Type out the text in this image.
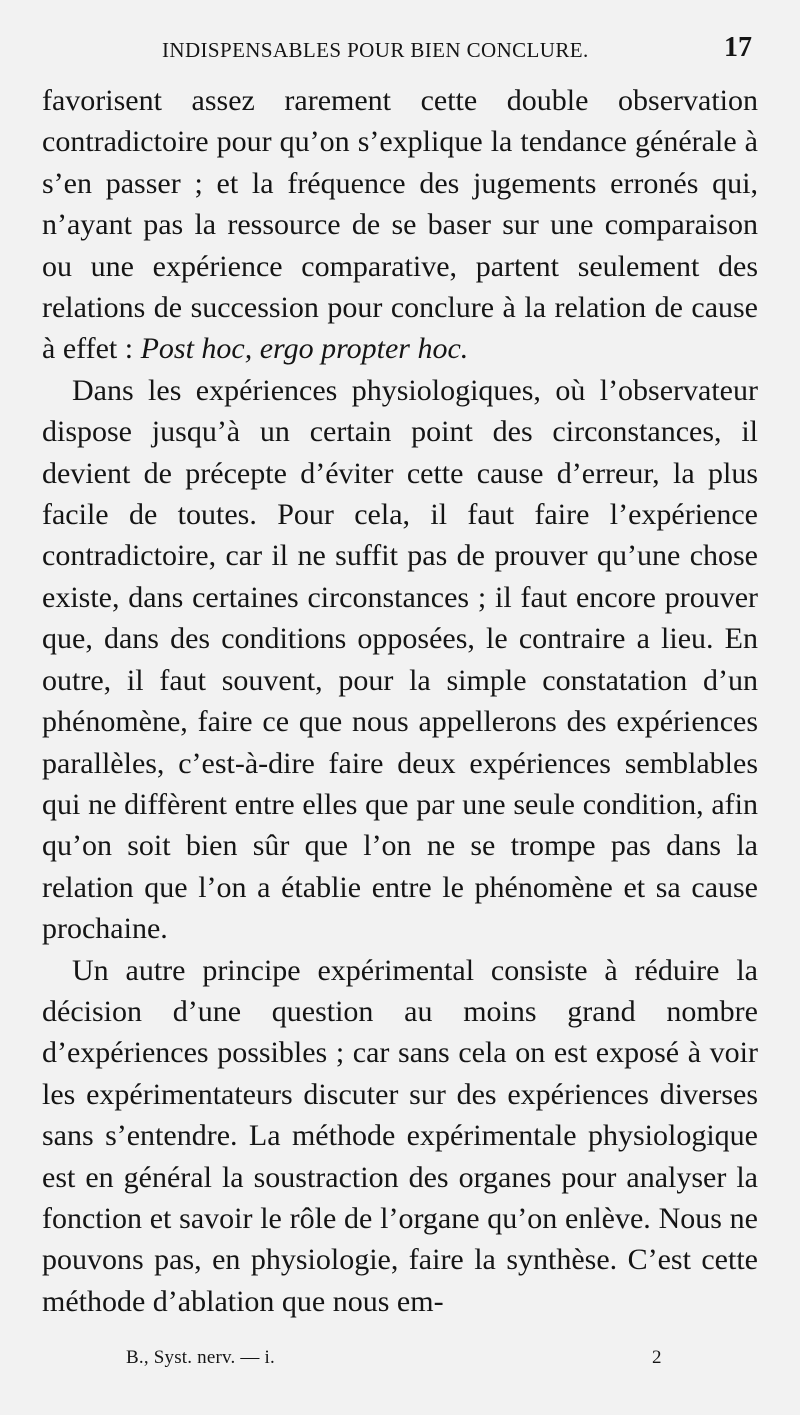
INDISPENSABLES POUR BIEN CONCLURE.	17

favorisent assez rarement cette double observation contradictoire pour qu’on s’explique la tendance générale à s’en passer ; et la fréquence des jugements erronés qui, n’ayant pas la ressource de se baser sur une comparaison ou une expérience comparative, partent seulement des relations de succession pour conclure à la relation de cause à effet : Post hoc, ergo propter hoc.

Dans les expériences physiologiques, où l’observateur dispose jusqu’à un certain point des circonstances, il devient de précepte d’éviter cette cause d’erreur, la plus facile de toutes. Pour cela, il faut faire l’expérience contradictoire, car il ne suffit pas de prouver qu’une chose existe, dans certaines circonstances ; il faut encore prouver que, dans des conditions opposées, le contraire a lieu. En outre, il faut souvent, pour la simple constatation d’un phénomène, faire ce que nous appellerons des expériences parallèles, c’est-à-dire faire deux expériences semblables qui ne diffèrent entre elles que par une seule condition, afin qu’on soit bien sûr que l’on ne se trompe pas dans la relation que l’on a établie entre le phénomène et sa cause prochaine.

Un autre principe expérimental consiste à réduire la décision d’une question au moins grand nombre d’expériences possibles ; car sans cela on est exposé à voir les expérimentateurs discuter sur des expériences diverses sans s’entendre. La méthode expérimentale physiologique est en général la soustraction des organes pour analyser la fonction et savoir le rôle de l’organe qu’on enlève. Nous ne pouvons pas, en physiologie, faire la synthèse. C’est cette méthode d’ablation que nous em-

B., Syst. nerv. — i.	2
